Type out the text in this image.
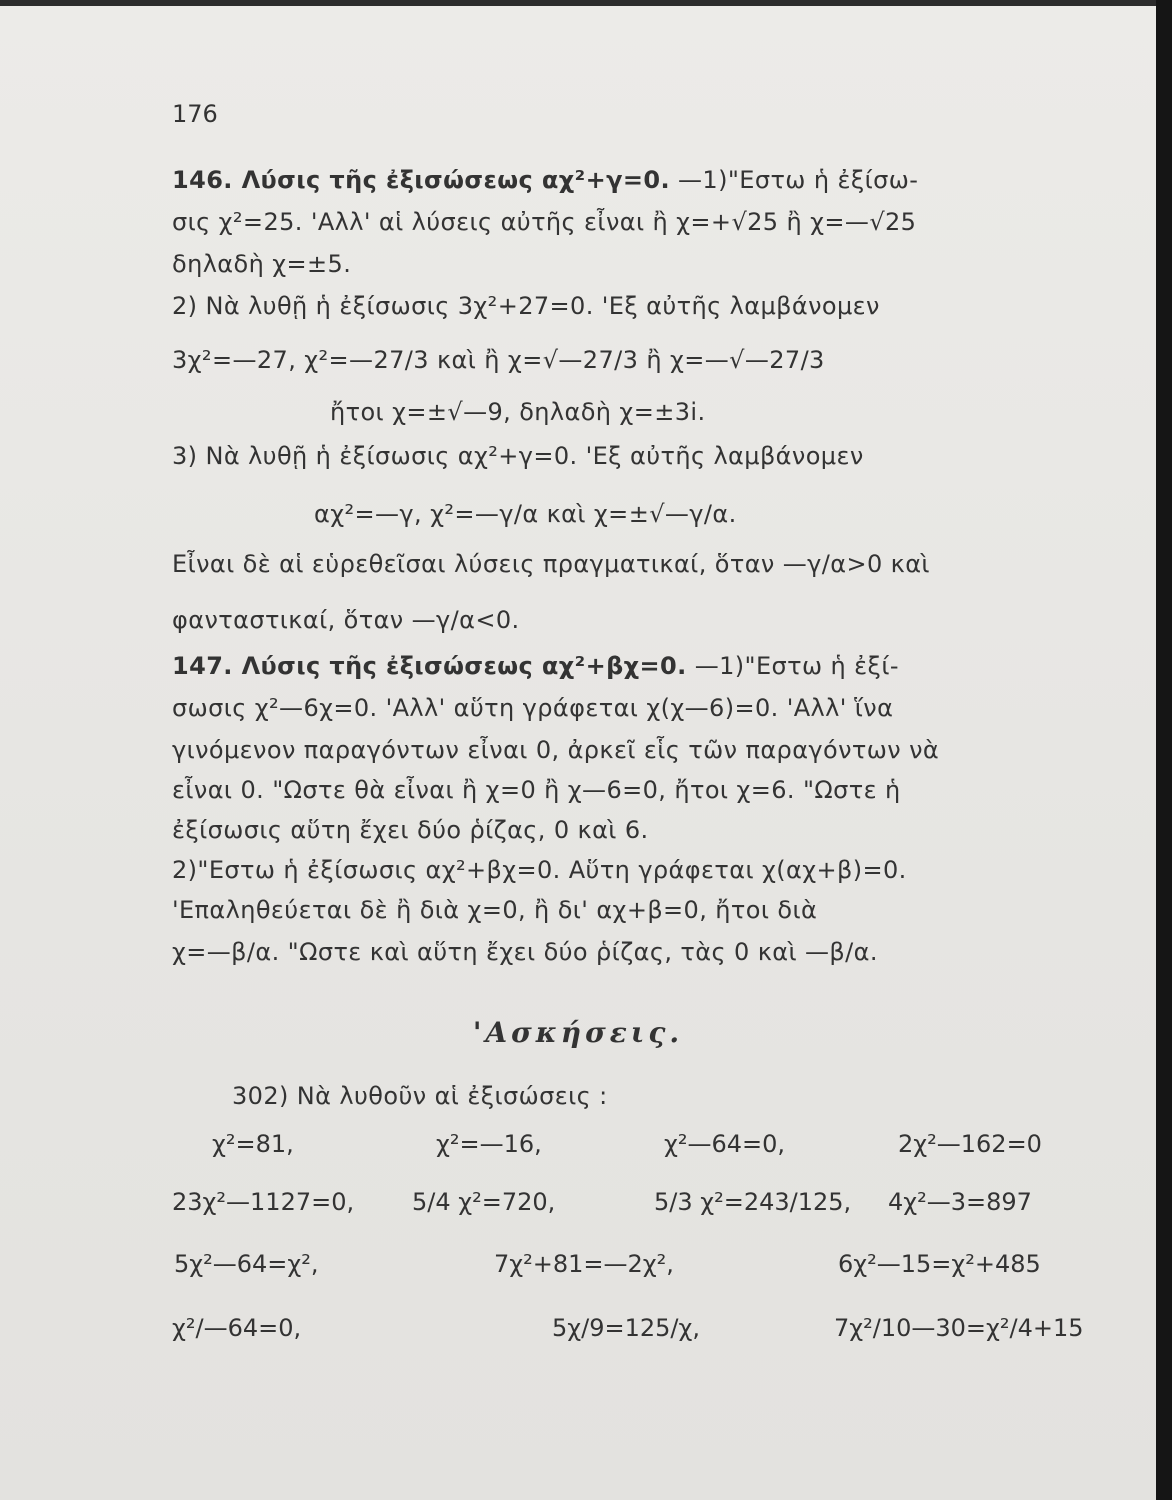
176
146. Λύσις τῆς ἐξισώσεως αχ²+γ=0. —1)"Εστω ἡ ἐξίσω-
σις χ²=25. 'Αλλ' αἱ λύσεις αὐτῆς εἶναι ἢ χ=+√25 ἢ χ=—√25
δηλαδὴ χ=±5.
2) Νὰ λυθῇ ἡ ἐξίσωσις 3χ²+27=0. 'Εξ αὐτῆς λαμβάνομεν
3χ²=—27, χ²=—27/3 καὶ ἢ χ=√—27/3 ἢ χ=—√—27/3
ἤτοι χ=±√—9, δηλαδὴ χ=±3i.
3) Νὰ λυθῇ ἡ ἐξίσωσις αχ²+γ=0. 'Εξ αὐτῆς λαμβάνομεν
αχ²=—γ, χ²=—γ/α καὶ χ=±√—γ/α.
Εἶναι δὲ αἱ εὑρεθεῖσαι λύσεις πραγματικαί, ὅταν —γ/α>0 καὶ
φανταστικαί, ὅταν —γ/α<0.
147. Λύσις τῆς ἐξισώσεως αχ²+βχ=0. —1)"Εστω ἡ ἐξί-
σωσις χ²—6χ=0. 'Αλλ' αὕτη γράφεται χ(χ—6)=0. 'Αλλ' ἵνα
γινόμενον παραγόντων εἶναι 0, ἀρκεῖ εἷς τῶν παραγόντων νὰ
εἶναι 0. "Ωστε θὰ εἶναι ἢ χ=0 ἢ χ—6=0, ἤτοι χ=6. "Ωστε ἡ
ἐξίσωσις αὕτη ἔχει δύο ῥίζας, 0 καὶ 6.
2)"Εστω ἡ ἐξίσωσις αχ²+βχ=0. Αὕτη γράφεται χ(αχ+β)=0.
'Επαληθεύεται δὲ ἢ διὰ χ=0, ἢ δι' αχ+β=0, ἤτοι διὰ
χ=—β/α. "Ωστε καὶ αὕτη ἔχει δύο ῥίζας, τὰς 0 καὶ —β/α.
'Ασκήσεις.
302) Νὰ λυθοῦν αἱ ἐξισώσεις :
χ²=81,	χ²=—16,	χ²—64=0,	2χ²—162=0
23χ²—1127=0, 5/4 χ²=720,	5/3 χ²=243/125, 4χ²—3=897
5χ²—64=χ²,	7χ²+81=—2χ²,	6χ²—15=χ²+485
χ²/—64=0,	5χ/9=125/χ,	7χ²/10—30=χ²/4+15
